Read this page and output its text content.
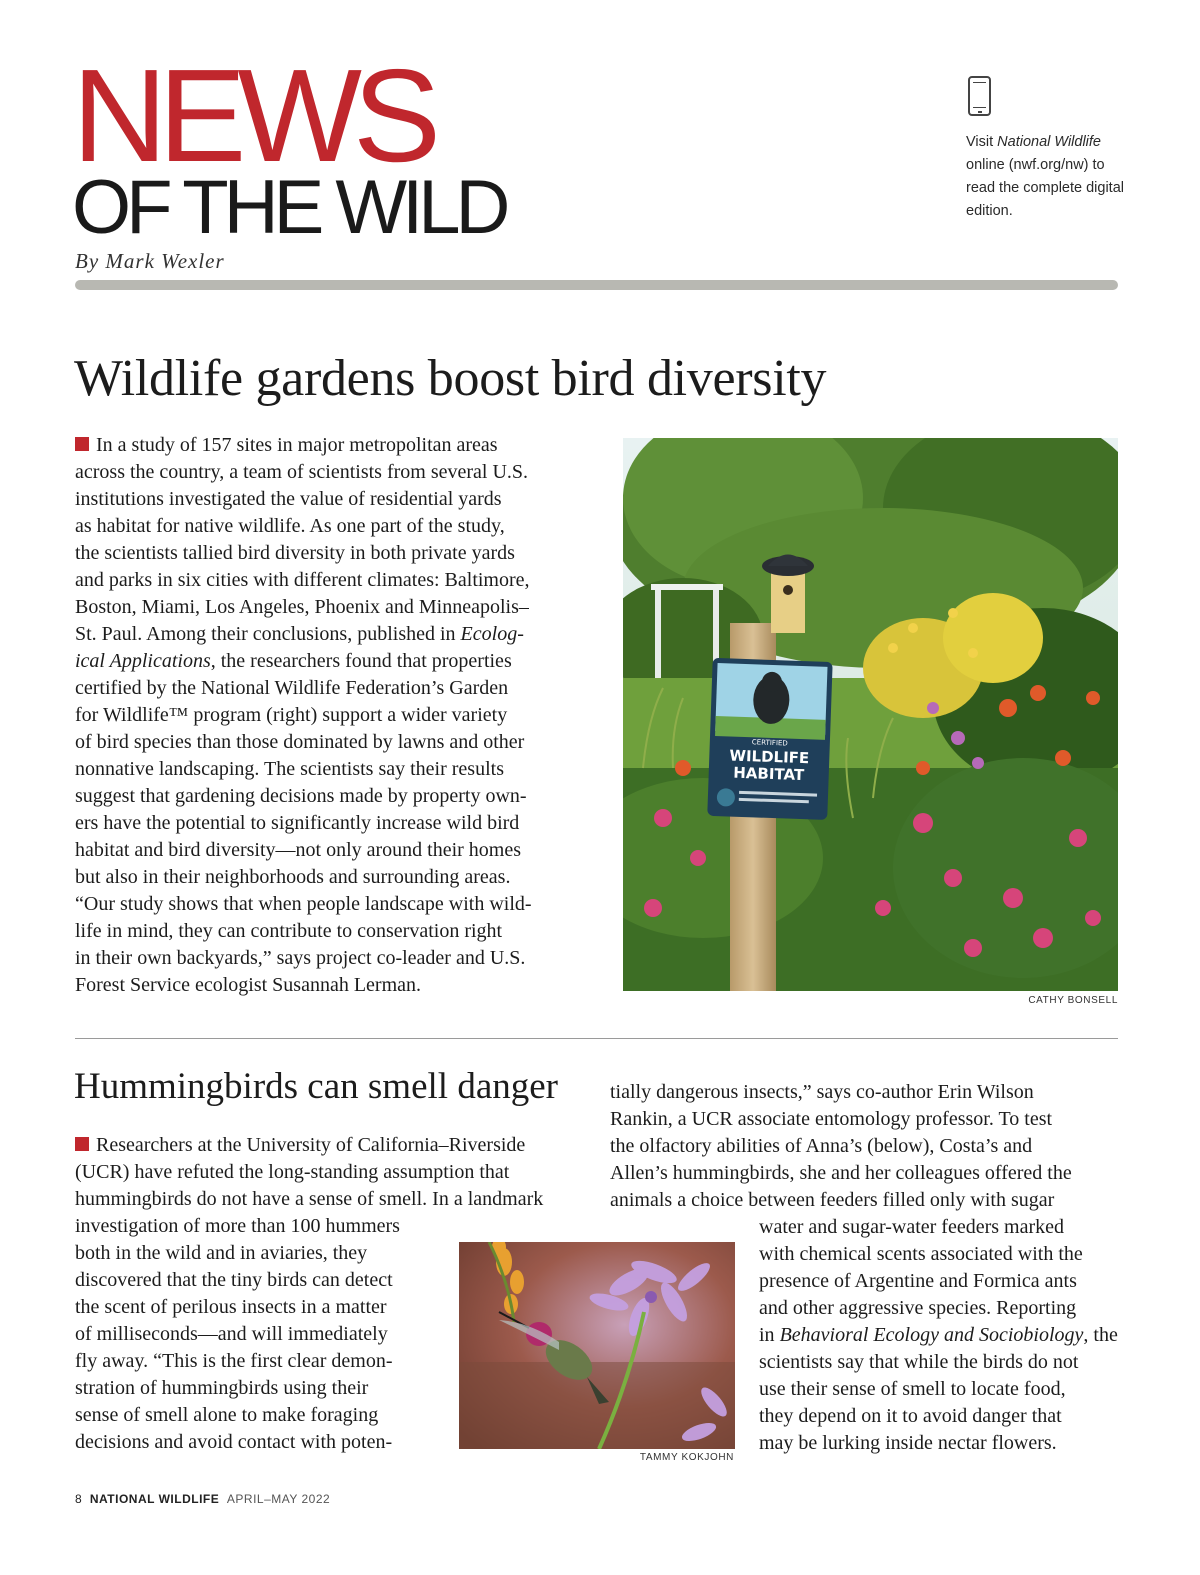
NEWS
OF THE WILD
By Mark Wexler
Visit National Wildlife online (nwf.org/nw) to read the complete digital edition.
Wildlife gardens boost bird diversity
In a study of 157 sites in major metropolitan areas
across the country, a team of scientists from several U.S.
institutions investigated the value of residential yards
as habitat for native wildlife. As one part of the study,
the scientists tallied bird diversity in both private yards
and parks in six cities with different climates: Baltimore,
Boston, Miami, Los Angeles, Phoenix and Minneapolis–
St. Paul. Among their conclusions, published in Ecolog-
ical Applications, the researchers found that properties
certified by the National Wildlife Federation’s Garden
for Wildlife™ program (right) support a wider variety
of bird species than those dominated by lawns and other
nonnative landscaping. The scientists say their results
suggest that gardening decisions made by property own-
ers have the potential to significantly increase wild bird
habitat and bird diversity—not only around their homes
but also in their neighborhoods and surrounding areas.
“Our study shows that when people landscape with wild-
life in mind, they can contribute to conservation right
in their own backyards,” says project co-leader and U.S.
Forest Service ecologist Susannah Lerman.
CERTIFIED
WILDLIFE
HABITAT
CATHY BONSELL
Hummingbirds can smell danger
Researchers at the University of California–Riverside
(UCR) have refuted the long-standing assumption that
hummingbirds do not have a sense of smell. In a landmark
investigation of more than 100 hummers
both in the wild and in aviaries, they
discovered that the tiny birds can detect
the scent of perilous insects in a matter
of milliseconds—and will immediately
fly away. “This is the first clear demon-
stration of hummingbirds using their
sense of smell alone to make foraging
decisions and avoid contact with poten-
tially dangerous insects,” says co-author Erin Wilson
Rankin, a UCR associate entomology professor. To test
the olfactory abilities of Anna’s (below), Costa’s and
Allen’s hummingbirds, she and her colleagues offered the
animals a choice between feeders filled only with sugar
water and sugar-water feeders marked
with chemical scents associated with the
presence of Argentine and Formica ants
and other aggressive species. Reporting
in Behavioral Ecology and Sociobiology, the
scientists say that while the birds do not
use their sense of smell to locate food,
they depend on it to avoid danger that
may be lurking inside nectar flowers.
TAMMY KOKJOHN
8 NATIONAL WILDLIFE APRIL–MAY 2022
